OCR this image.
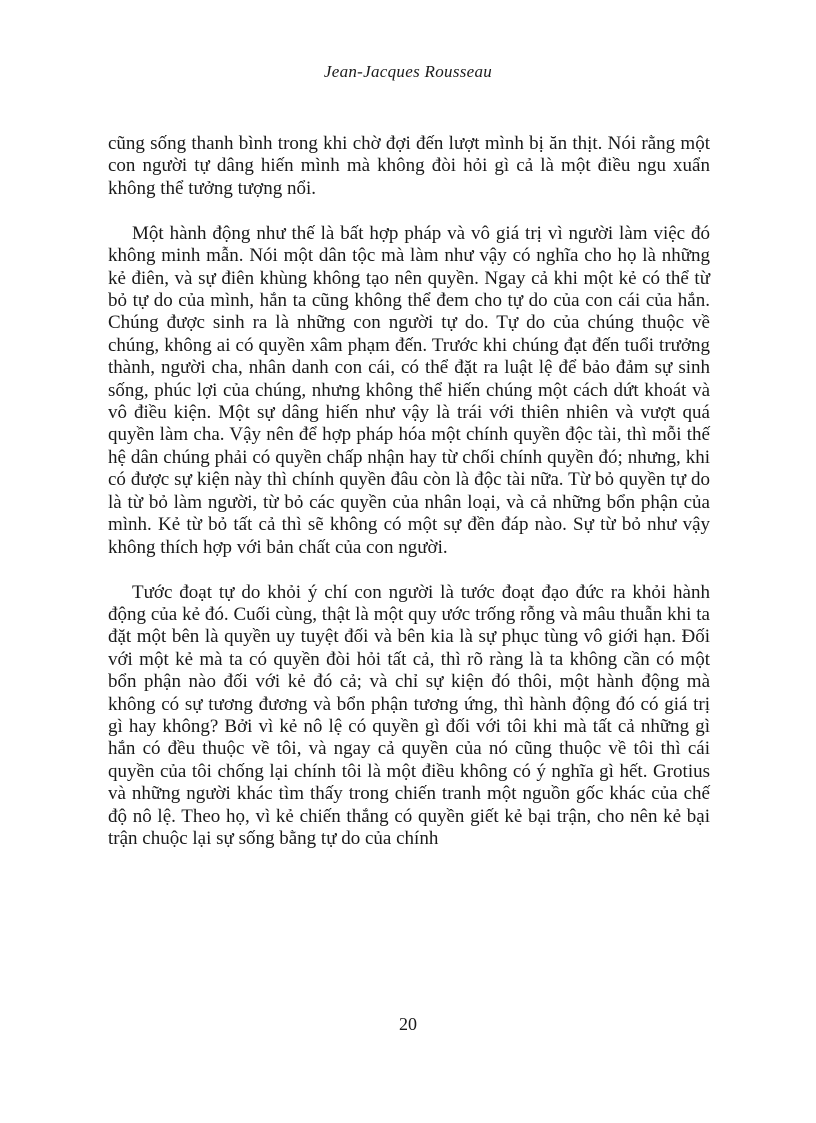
Jean-Jacques Rousseau

cũng sống thanh bình trong khi chờ đợi đến lượt mình bị ăn thịt. Nói rằng một con người tự dâng hiến mình mà không đòi hỏi gì cả là một điều ngu xuẩn không thể tưởng tượng nổi.

Một hành động như thế là bất hợp pháp và vô giá trị vì người làm việc đó không minh mẫn. Nói một dân tộc mà làm như vậy có nghĩa cho họ là những kẻ điên, và sự điên khùng không tạo nên quyền. Ngay cả khi một kẻ có thể từ bỏ tự do của mình, hắn ta cũng không thể đem cho tự do của con cái của hắn. Chúng được sinh ra là những con người tự do. Tự do của chúng thuộc về chúng, không ai có quyền xâm phạm đến. Trước khi chúng đạt đến tuổi trưởng thành, người cha, nhân danh con cái, có thể đặt ra luật lệ để bảo đảm sự sinh sống, phúc lợi của chúng, nhưng không thể hiến chúng một cách dứt khoát và vô điều kiện. Một sự dâng hiến như vậy là trái với thiên nhiên và vượt quá quyền làm cha. Vậy nên để hợp pháp hóa một chính quyền độc tài, thì mỗi thế hệ dân chúng phải có quyền chấp nhận hay từ chối chính quyền đó; nhưng, khi có được sự kiện này thì chính quyền đâu còn là độc tài nữa. Từ bỏ quyền tự do là từ bỏ làm người, từ bỏ các quyền của nhân loại, và cả những bổn phận của mình. Kẻ từ bỏ tất cả thì sẽ không có một sự đền đáp nào. Sự từ bỏ như vậy không thích hợp với bản chất của con người.

Tước đoạt tự do khỏi ý chí con người là tước đoạt đạo đức ra khỏi hành động của kẻ đó. Cuối cùng, thật là một quy ước trống rỗng và mâu thuẫn khi ta đặt một bên là quyền uy tuyệt đối và bên kia là sự phục tùng vô giới hạn. Đối với một kẻ mà ta có quyền đòi hỏi tất cả, thì rõ ràng là ta không cần có một bổn phận nào đối với kẻ đó cả; và chỉ sự kiện đó thôi, một hành động mà không có sự tương đương và bổn phận tương ứng, thì hành động đó có giá trị gì hay không? Bởi vì kẻ nô lệ có quyền gì đối với tôi khi mà tất cả những gì hắn có đều thuộc về tôi, và ngay cả quyền của nó cũng thuộc về tôi thì cái quyền của tôi chống lại chính tôi là một điều không có ý nghĩa gì hết. Grotius và những người khác tìm thấy trong chiến tranh một nguồn gốc khác của chế độ nô lệ. Theo họ, vì kẻ chiến thắng có quyền giết kẻ bại trận, cho nên kẻ bại trận chuộc lại sự sống bằng tự do của chính

20
